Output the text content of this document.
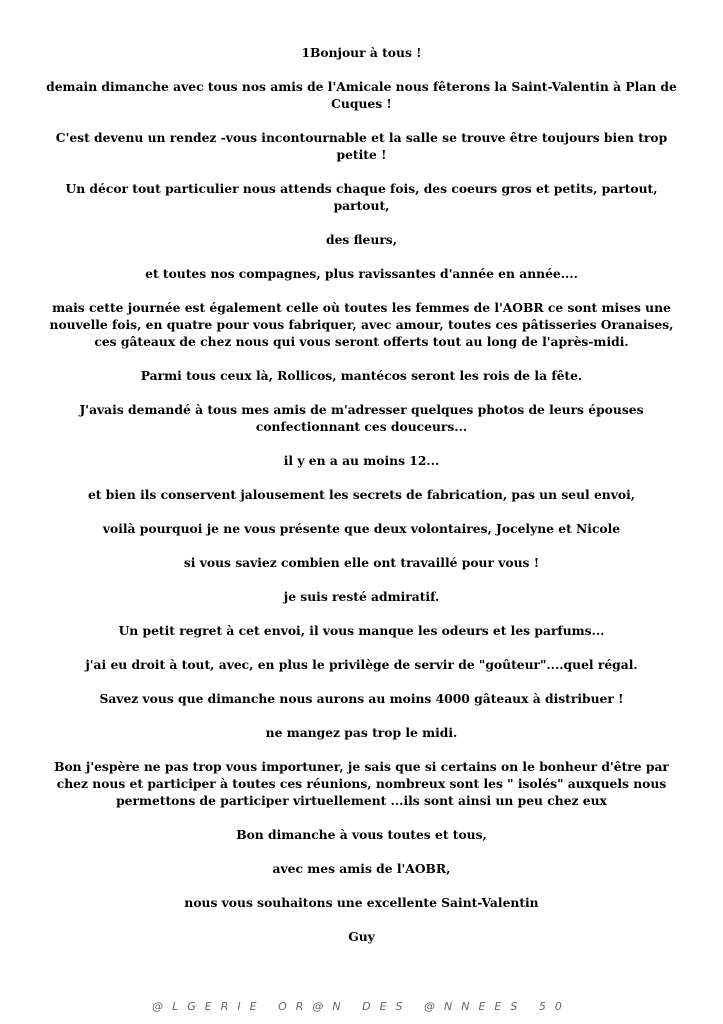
1Bonjour à tous !

demain dimanche avec tous nos amis de l'Amicale nous fêterons la Saint-Valentin à Plan de Cuques !

C'est devenu un rendez -vous incontournable et la salle se trouve être toujours bien trop petite !

Un décor tout particulier nous attends chaque fois, des coeurs gros et petits, partout, partout,

des fleurs,

et toutes nos compagnes, plus ravissantes d'année en année....

mais cette journée est également celle où toutes les femmes de l'AOBR ce sont mises une nouvelle fois, en quatre pour vous fabriquer, avec amour, toutes ces pâtisseries Oranaises, ces gâteaux de chez nous qui vous seront offerts tout au long de l'après-midi.

Parmi tous ceux là, Rollicos, mantécos seront les rois de la fête.

J'avais demandé à tous mes amis de m'adresser quelques photos de leurs épouses confectionnant ces douceurs...

il y en a au moins 12...

et bien ils conservent jalousement les secrets de fabrication, pas un seul envoi,

voilà pourquoi je ne vous présente que deux volontaires, Jocelyne et Nicole

si vous saviez combien elle ont travaillé pour vous !

je suis resté admiratif.

Un petit regret à cet envoi, il vous manque les odeurs et les parfums...

j'ai eu droit à tout, avec, en plus le privilège de servir de "goûteur"....quel régal.

Savez vous que dimanche nous aurons au moins 4000 gâteaux à distribuer !

ne mangez pas trop le midi.

Bon j'espère ne pas trop vous importuner, je sais que si certains on le bonheur d'être par chez nous et participer à toutes ces réunions, nombreux sont les " isolés" auxquels nous permettons de participer virtuellement ...ils sont ainsi un peu chez eux

Bon dimanche à vous toutes et tous,

avec mes amis de l'AOBR,

nous vous souhaitons une excellente Saint-Valentin

Guy

@LGERIE OR@N DES @NNEES 50
